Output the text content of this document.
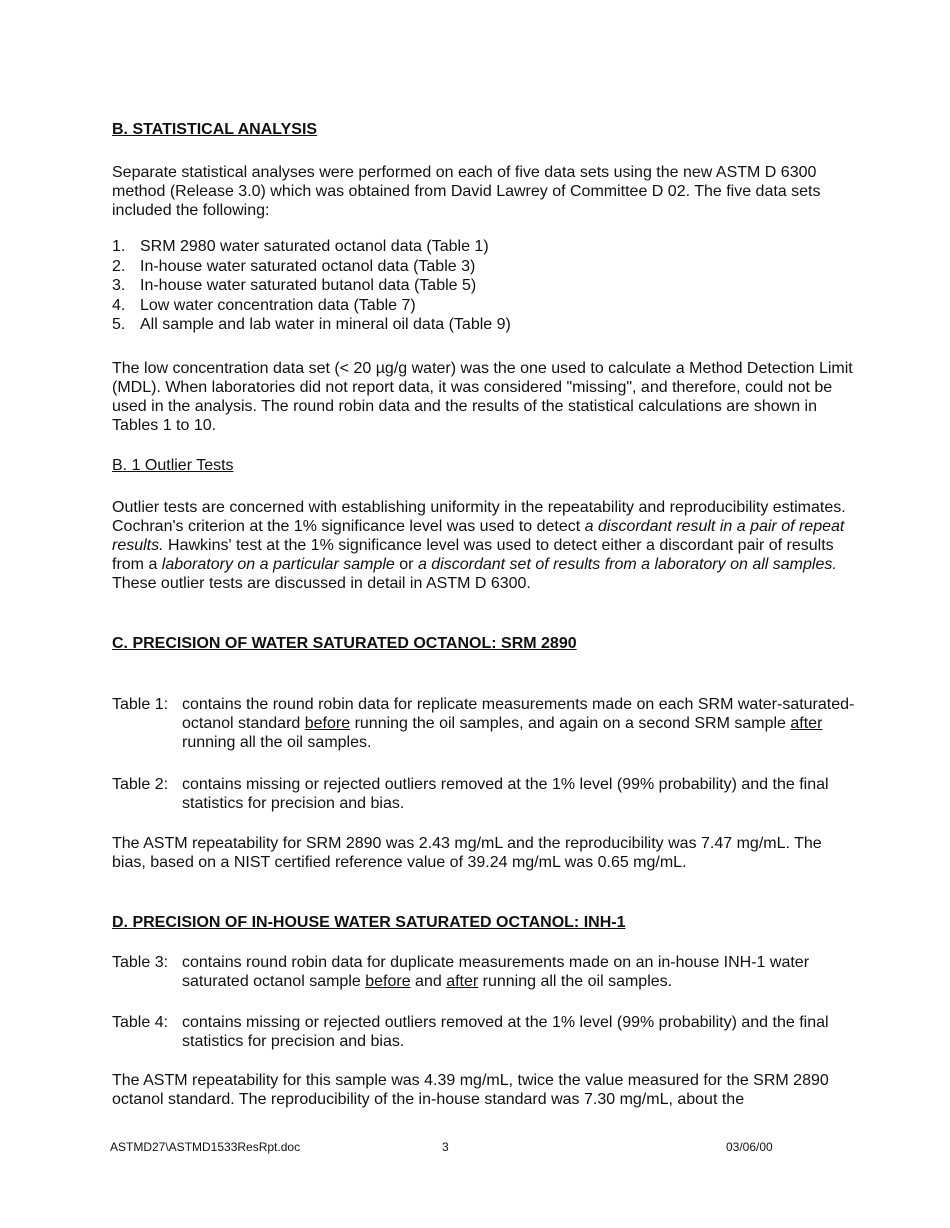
B. STATISTICAL ANALYSIS

Separate statistical analyses were performed on each of five data sets using the new ASTM D 6300 method (Release 3.0) which was obtained from David Lawrey of Committee D 02. The five data sets included the following:

1. SRM 2980 water saturated octanol data (Table 1)
2. In-house water saturated octanol data (Table 3)
3. In-house water saturated butanol data (Table 5)
4. Low water concentration data (Table 7)
5. All sample and lab water in mineral oil data (Table 9)

The low concentration data set (< 20 µg/g water) was the one used to calculate a Method Detection Limit (MDL). When laboratories did not report data, it was considered "missing", and therefore, could not be used in the analysis. The round robin data and the results of the statistical calculations are shown in Tables 1 to 10.

B. 1 Outlier Tests

Outlier tests are concerned with establishing uniformity in the repeatability and reproducibility estimates. Cochran's criterion at the 1% significance level was used to detect a discordant result in a pair of repeat results. Hawkins' test at the 1% significance level was used to detect either a discordant pair of results from a laboratory on a particular sample or a discordant set of results from a laboratory on all samples. These outlier tests are discussed in detail in ASTM D 6300.

C. PRECISION OF WATER SATURATED OCTANOL: SRM 2890
Table 1: contains the round robin data for replicate measurements made on each SRM water-saturated-octanol standard before running the oil samples, and again on a second SRM sample after running all the oil samples.
Table 2: contains missing or rejected outliers removed at the 1% level (99% probability) and the final statistics for precision and bias.

The ASTM repeatability for SRM 2890 was 2.43 mg/mL and the reproducibility was 7.47 mg/mL. The bias, based on a NIST certified reference value of 39.24 mg/mL was 0.65 mg/mL.

D. PRECISION OF IN-HOUSE WATER SATURATED OCTANOL: INH-1
Table 3: contains round robin data for duplicate measurements made on an in-house INH-1 water saturated octanol sample before and after running all the oil samples.
Table 4: contains missing or rejected outliers removed at the 1% level (99% probability) and the final statistics for precision and bias.

The ASTM repeatability for this sample was 4.39 mg/mL, twice the value measured for the SRM 2890 octanol standard. The reproducibility of the in-house standard was 7.30 mg/mL, about the

ASTMD27\ASTMD1533ResRpt.doc	3	03/06/00
